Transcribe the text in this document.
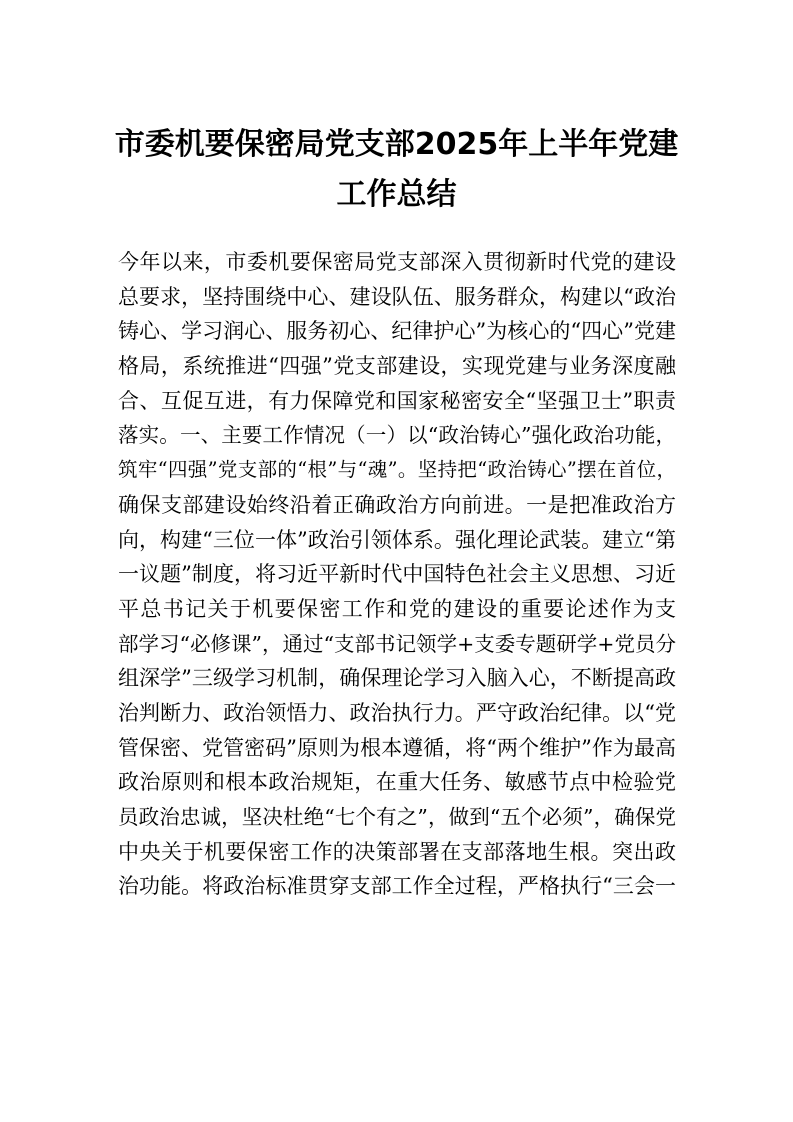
市委机要保密局党支部2025年上半年党建
工作总结
今年以来，市委机要保密局党支部深入贯彻新时代党的建设
总要求，坚持围绕中心、建设队伍、服务群众，构建以“政治
铸心、学习润心、服务初心、纪律护心”为核心的“四心”党建
格局，系统推进“四强”党支部建设，实现党建与业务深度融
合、互促互进，有力保障党和国家秘密安全“坚强卫士”职责
落实。一、主要工作情况（一）以“政治铸心”强化政治功能，
筑牢“四强”党支部的“根”与“魂”。坚持把“政治铸心”摆在首位，
确保支部建设始终沿着正确政治方向前进。一是把准政治方
向，构建“三位一体”政治引领体系。强化理论武装。建立“第
一议题”制度，将习近平新时代中国特色社会主义思想、习近
平总书记关于机要保密工作和党的建设的重要论述作为支
部学习“必修课”，通过“支部书记领学+支委专题研学+党员分
组深学”三级学习机制，确保理论学习入脑入心，不断提高政
治判断力、政治领悟力、政治执行力。严守政治纪律。以“党
管保密、党管密码”原则为根本遵循，将“两个维护”作为最高
政治原则和根本政治规矩，在重大任务、敏感节点中检验党
员政治忠诚，坚决杜绝“七个有之”，做到“五个必须”，确保党
中央关于机要保密工作的决策部署在支部落地生根。突出政
治功能。将政治标准贯穿支部工作全过程，严格执行“三会一
